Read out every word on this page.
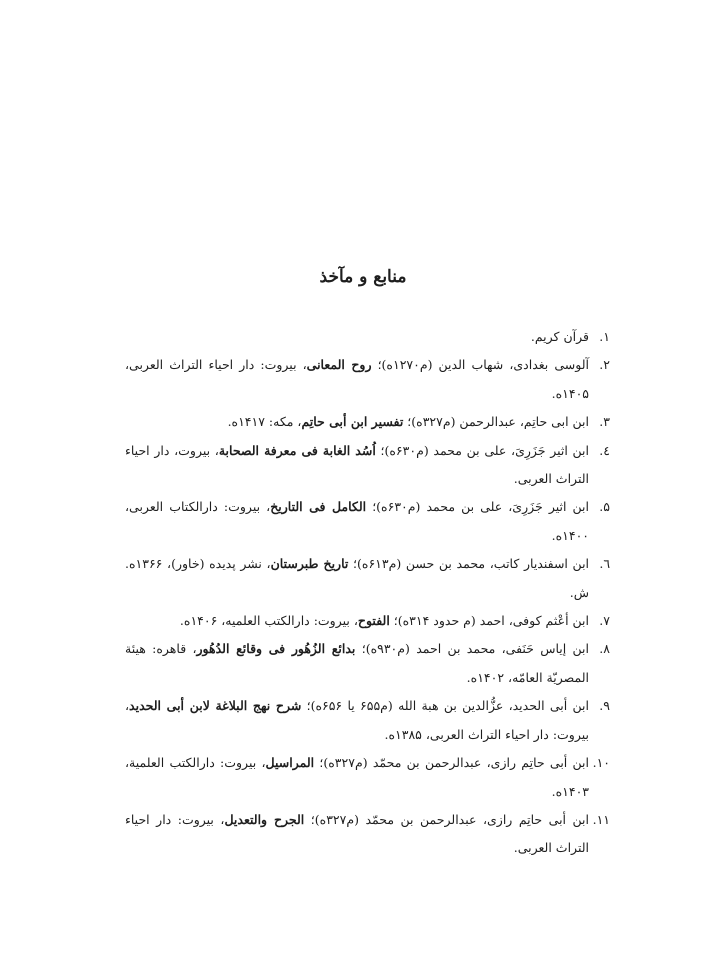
منابع و مآخذ
۱.قرآن کریم.
۲.آلوسی بغدادی، شهاب الدین (م۱۲۷۰ه)؛ روح المعانی، بیروت: دار احیاء التراث العربی، ۱۴۰۵ه.
۳.ابن ابی حاتِم، عبدالرحمن (م۳۲۷ه)؛ تفسیر ابن أبی حاتِم، مکه: ۱۴۱۷ه.
٤.ابن اثیر جَزَرِیَ، علی بن محمد (م۶۳۰ه)؛ اُسُد الغابة فی معرفة الصحابة، بیروت، دار احیاء التراث العربی.
۵.ابن اثیر جَزَرِیَ، علی بن محمد (م۶۳۰ه)؛ الکامل فی التاریخ، بیروت: دارالکتاب العربی، ۱۴۰۰ه.
٦.ابن اسفندیار کاتب، محمد بن حسن (م۶۱۳ه)؛ تاریخ طبرستان، نشر پدیده (خاور)، ۱۳۶۶ه. ش.
۷.ابن أعْثم کوفی، احمد (م حدود ۳۱۴ه)؛ الفتوح، بیروت: دارالکتب العلمیه، ۱۴۰۶ه.
۸.ابن إیاس حَنَفی، محمد بن احمد (م۹۳۰ه)؛ بدائع الزُهُور فی وقائع الدُهُور، قاهره: هیئة المصریّة العامّه، ۱۴۰۲ه.
۹.ابن أبی الحدید، عزُّالدین بن هبة الله (م۶۵۵ یا ۶۵۶ه)؛ شرح نهج البلاغة لابن أبی الحدید، بیروت: دار احیاء التراث العربی، ۱۳۸۵ه.
۱۰.ابن أبی حاتِم رازی، عبدالرحمن بن محمّد (م۳۲۷ه)؛ المراسیل، بیروت: دارالکتب العلمیة، ۱۴۰۳ه.
۱۱.ابن أبی حاتِم رازی، عبدالرحمن بن محمّد (م۳۲۷ه)؛ الجرح والتعدیل، بیروت: دار احیاء التراث العربی.
